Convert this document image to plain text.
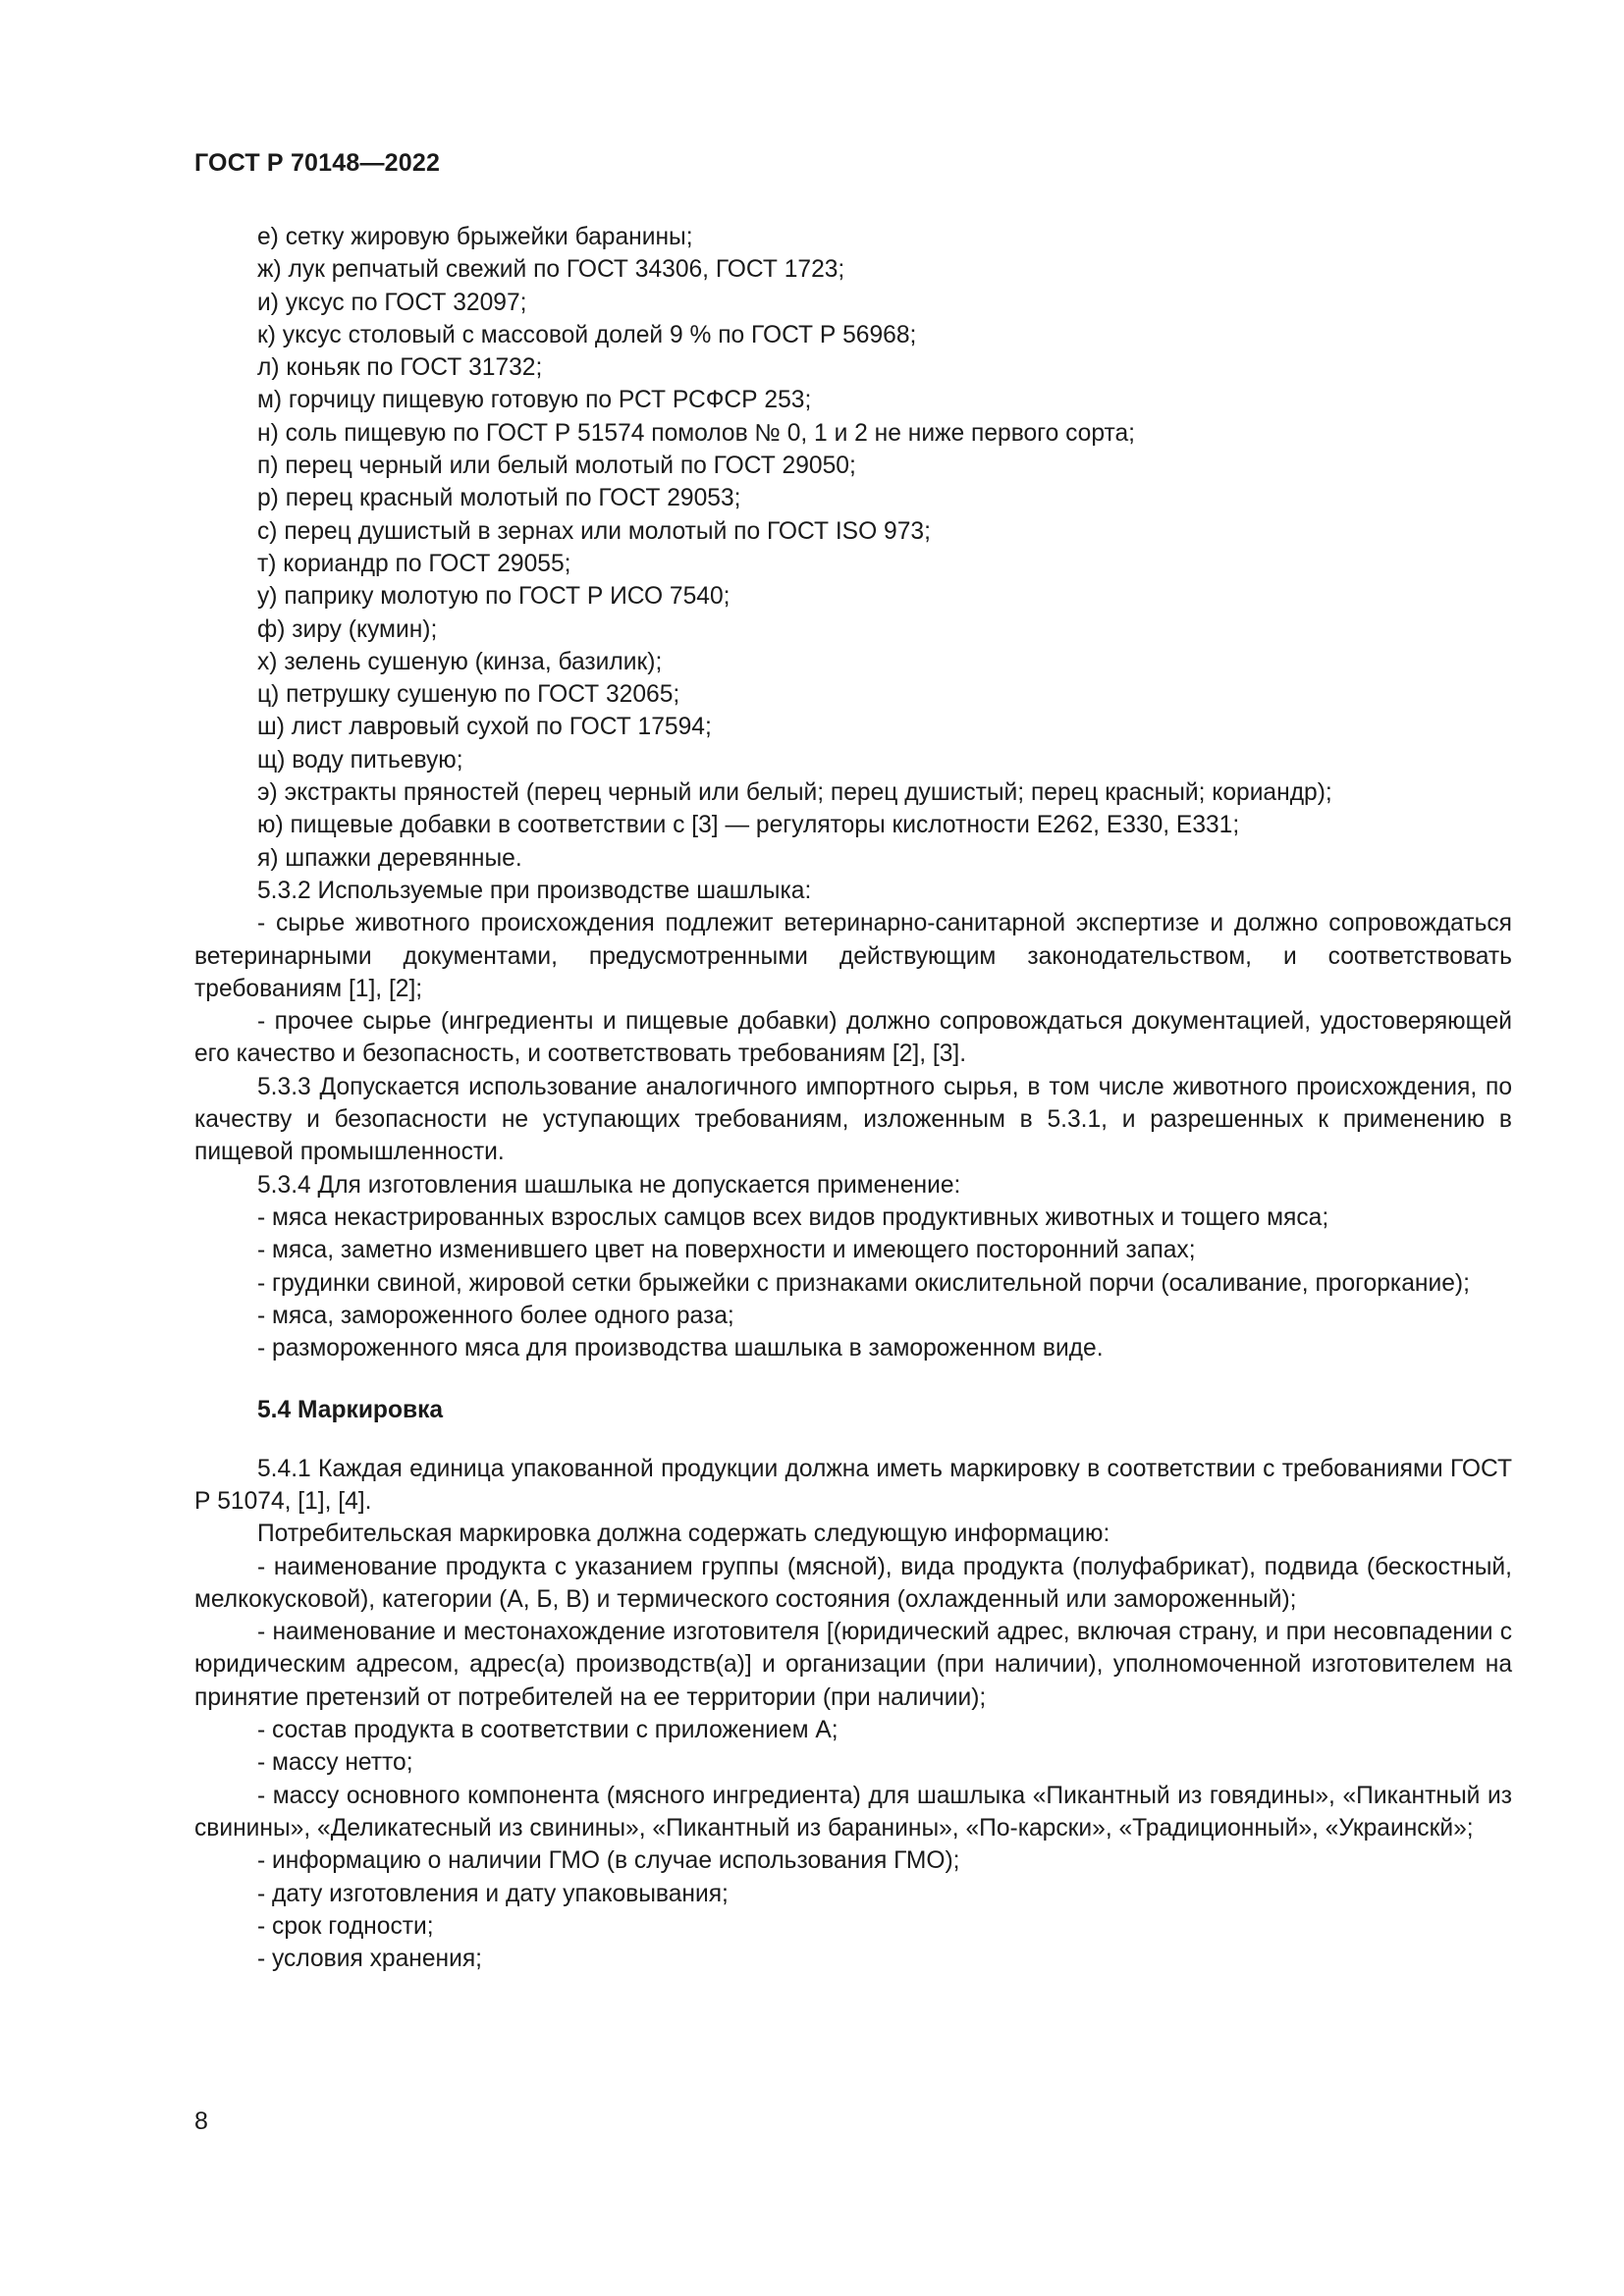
ГОСТ Р 70148—2022
е) сетку жировую брыжейки баранины;
ж) лук репчатый свежий по ГОСТ 34306, ГОСТ 1723;
и) уксус по ГОСТ 32097;
к) уксус столовый с массовой долей 9 % по ГОСТ Р 56968;
л) коньяк по ГОСТ 31732;
м) горчицу пищевую готовую по РСТ РСФСР 253;
н) соль пищевую по ГОСТ Р 51574 помолов № 0, 1 и 2 не ниже первого сорта;
п) перец черный или белый молотый по ГОСТ 29050;
р) перец красный молотый по ГОСТ 29053;
с) перец душистый в зернах или молотый по ГОСТ ISO 973;
т) кориандр по ГОСТ 29055;
у) паприку молотую по ГОСТ Р ИСО 7540;
ф) зиру (кумин);
х) зелень сушеную (кинза, базилик);
ц) петрушку сушеную по ГОСТ 32065;
ш) лист лавровый сухой по ГОСТ 17594;
щ) воду питьевую;
э) экстракты пряностей (перец черный или белый; перец душистый; перец красный; кориандр);
ю) пищевые добавки в соответствии с [3] — регуляторы кислотности Е262, Е330, Е331;
я) шпажки деревянные.
5.3.2 Используемые при производстве шашлыка:
- сырье животного происхождения подлежит ветеринарно-санитарной экспертизе и должно сопровождаться ветеринарными документами, предусмотренными действующим законодательством, и соответствовать требованиям [1], [2];
- прочее сырье (ингредиенты и пищевые добавки) должно сопровождаться документацией, удостоверяющей его качество и безопасность, и соответствовать требованиям [2], [3].
5.3.3 Допускается использование аналогичного импортного сырья, в том числе животного происхождения, по качеству и безопасности не уступающих требованиям, изложенным в 5.3.1, и разрешенных к применению в пищевой промышленности.
5.3.4 Для изготовления шашлыка не допускается применение:
- мяса некастрированных взрослых самцов всех видов продуктивных животных и тощего мяса;
- мяса, заметно изменившего цвет на поверхности и имеющего посторонний запах;
- грудинки свиной, жировой сетки брыжейки с признаками окислительной порчи (осаливание, прогоркание);
- мяса, замороженного более одного раза;
- размороженного мяса для производства шашлыка в замороженном виде.
5.4 Маркировка
5.4.1 Каждая единица упакованной продукции должна иметь маркировку в соответствии с требованиями ГОСТ Р 51074, [1], [4].
Потребительская маркировка должна содержать следующую информацию:
- наименование продукта с указанием группы (мясной), вида продукта (полуфабрикат), подвида (бескостный, мелкокусковой), категории (А, Б, В) и термического состояния (охлажденный или замороженный);
- наименование и местонахождение изготовителя [(юридический адрес, включая страну, и при несовпадении с юридическим адресом, адрес(а) производств(а)] и организации (при наличии), уполномоченной изготовителем на принятие претензий от потребителей на ее территории (при наличии);
- состав продукта в соответствии с приложением А;
- массу нетто;
- массу основного компонента (мясного ингредиента) для шашлыка «Пикантный из говядины», «Пикантный из свинины», «Деликатесный из свинины», «Пикантный из баранины», «По-карски», «Традиционный», «Украинскй»;
- информацию о наличии ГМО (в случае использования ГМО);
- дату изготовления и дату упаковывания;
- срок годности;
- условия хранения;
8
